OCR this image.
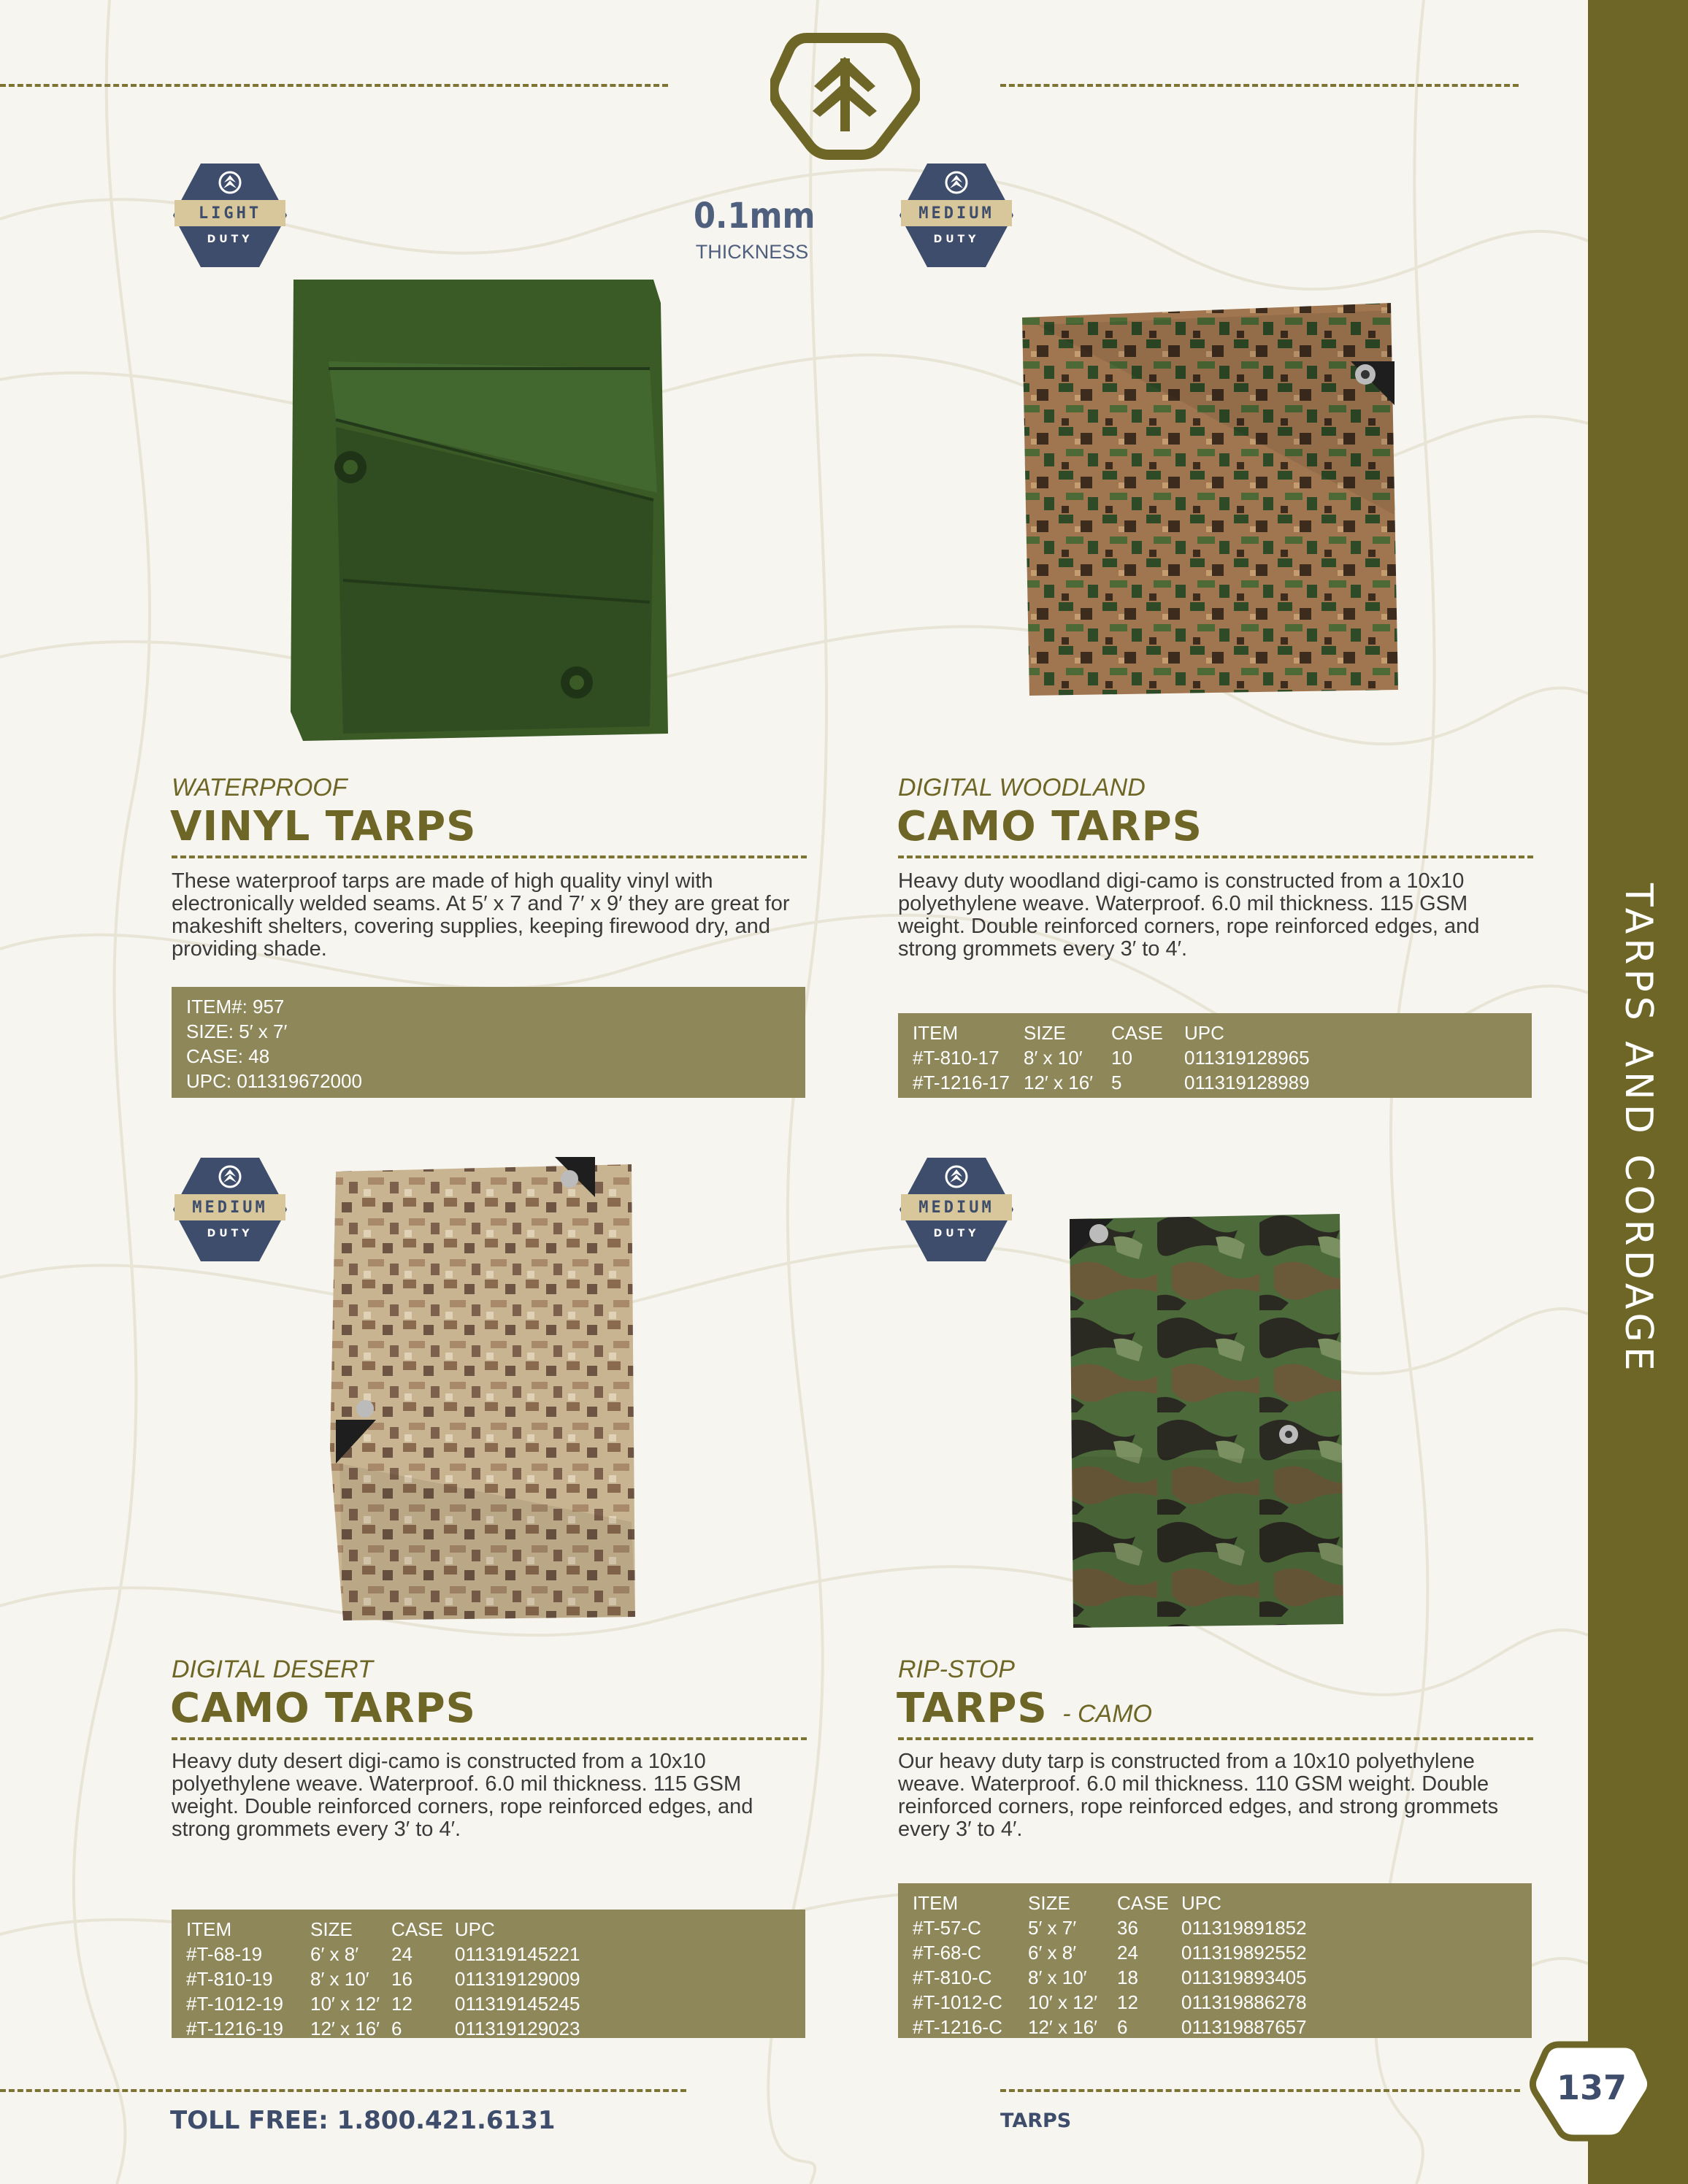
TARPS AND CORDAGE
0.1mm
THICKNESS
LIGHT
DUTY
WATERPROOF
VINYL TARPS
These waterproof tarps are made of high quality vinyl with electronically welded seams. At 5′ x 7 and 7′ x 9′ they are great for makeshift shelters, covering supplies, keeping firewood dry, and providing shade.
ITEM#: 957
SIZE: 5′ x 7′
CASE: 48
UPC: 011319672000
MEDIUM
DUTY
DIGITAL WOODLAND
CAMO TARPS
Heavy duty woodland digi-camo is constructed from a 10x10 polyethylene weave. Waterproof. 6.0 mil thickness. 115 GSM weight. Double reinforced corners, rope reinforced edges, and strong grommets every 3′ to 4′.
ITEM	SIZE	CASE	UPC
#T-810-17	8′ x 10′	10	011319128965
#T-1216-17	12′ x 16′	5	011319128989
MEDIUM
DUTY
DIGITAL DESERT
CAMO TARPS
Heavy duty desert digi-camo is constructed from a 10x10 polyethylene weave. Waterproof. 6.0 mil thickness. 115 GSM weight. Double reinforced corners, rope reinforced edges, and strong grommets every 3′ to 4′.
ITEM	SIZE	CASE	UPC
#T-68-19	6′ x 8′	24	011319145221
#T-810-19	8′ x 10′	16	011319129009
#T-1012-19	10′ x 12′	12	011319145245
#T-1216-19	12′ x 16′	6	011319129023
MEDIUM
DUTY
RIP-STOP
TARPS - CAMO
Our heavy duty tarp is constructed from a 10x10 polyethylene weave. Waterproof. 6.0 mil thickness. 110 GSM weight. Double reinforced corners, rope reinforced edges, and strong grommets every 3′ to 4′.
ITEM	SIZE	CASE	UPC
#T-57-C	5′ x 7′	36	011319891852
#T-68-C	6′ x 8′	24	011319892552
#T-810-C	8′ x 10′	18	011319893405
#T-1012-C	10′ x 12′	12	011319886278
#T-1216-C	12′ x 16′	6	011319887657
TOLL FREE: 1.800.421.6131	TARPS
137
